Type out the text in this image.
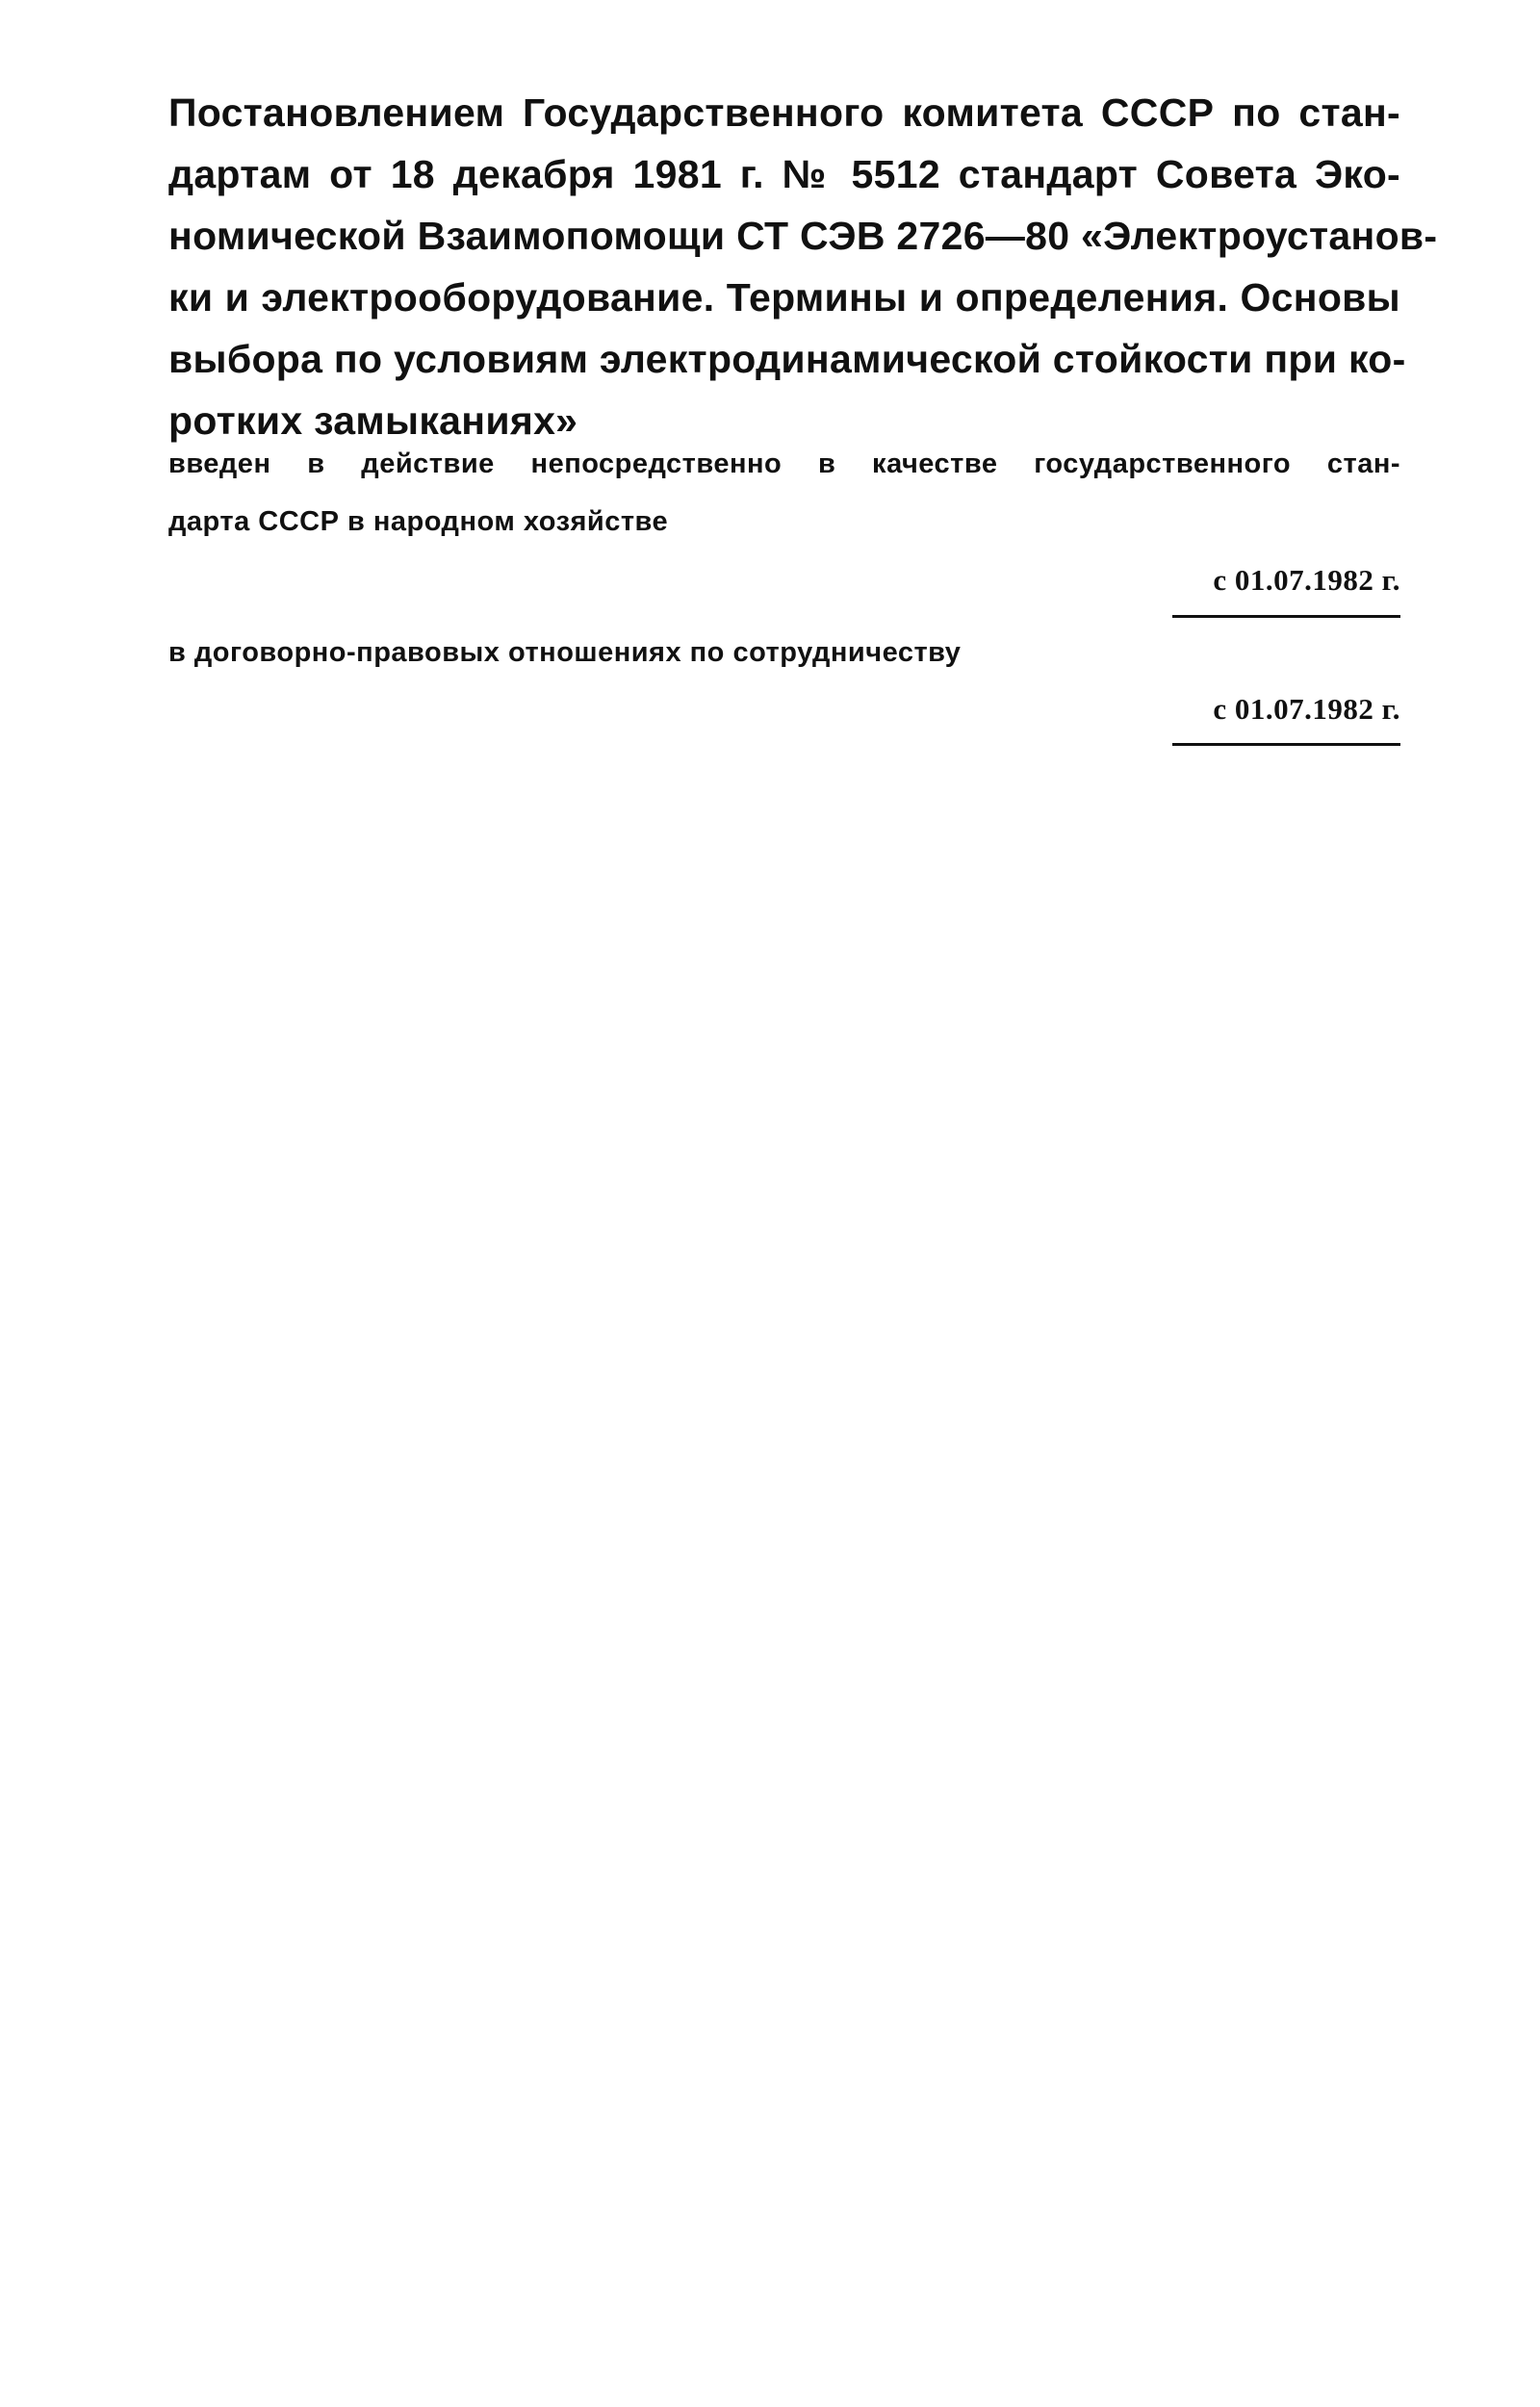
Постановлением Государственного комитета СССР по стан-
дартам от 18 декабря 1981 г. № 5512 стандарт Совета Эко-
номической Взаимопомощи СТ СЭВ 2726—80 «Электроустанов-
ки и электрооборудование. Термины и определения. Основы
выбора по условиям электродинамической стойкости при ко-
ротких замыканиях»
введен в действие непосредственно в качестве государственного стан-
дарта СССР в народном хозяйстве
с 01.07.1982 г.
в договорно-правовых отношениях по сотрудничеству
с 01.07.1982 г.
